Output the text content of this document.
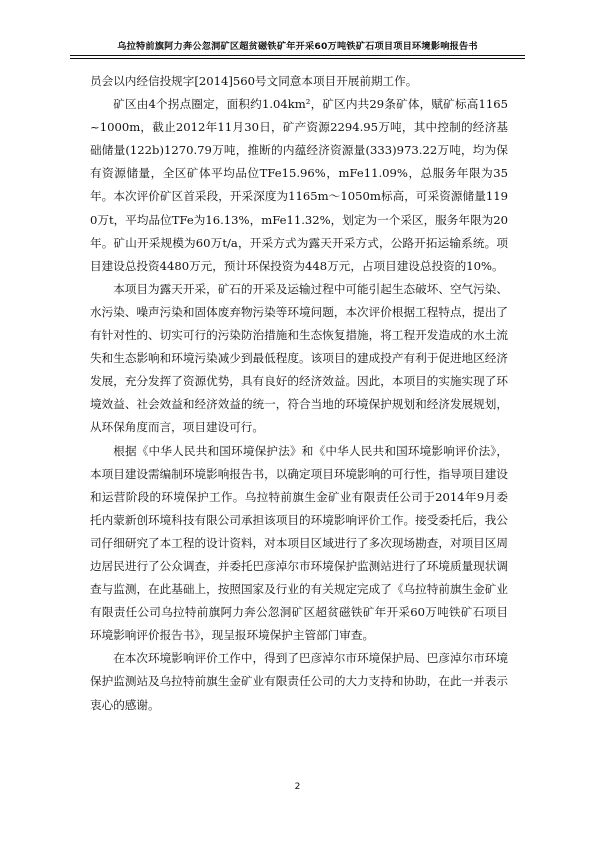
乌拉特前旗阿力奔公忽洞矿区超贫磁铁矿年开采60万吨铁矿石项目项目环境影响报告书

员会以内经信投规字[2014]560号文同意本项目开展前期工作。

矿区由4个拐点圈定，面积约1.04km²，矿区内共29条矿体，赋矿标高1165~1000m，截止2012年11月30日，矿产资源2294.95万吨，其中控制的经济基础储量(122b)1270.79万吨，推断的内蕴经济资源量(333)973.22万吨，均为保有资源储量，全区矿体平均品位TFe15.96%，mFe11.09%，总服务年限为35年。本次评价矿区首采段，开采深度为1165m～1050m标高，可采资源储量1190万t，平均品位TFe为16.13%，mFe11.32%，划定为一个采区，服务年限为20年。矿山开采规模为60万t/a，开采方式为露天开采方式，公路开拓运输系统。项目建设总投资4480万元，预计环保投资为448万元，占项目建设总投资的10%。

本项目为露天开采，矿石的开采及运输过程中可能引起生态破坏、空气污染、水污染、噪声污染和固体废弃物污染等环境问题，本次评价根据工程特点，提出了有针对性的、切实可行的污染防治措施和生态恢复措施，将工程开发造成的水土流失和生态影响和环境污染减少到最低程度。该项目的建成投产有利于促进地区经济发展，充分发挥了资源优势，具有良好的经济效益。因此，本项目的实施实现了环境效益、社会效益和经济效益的统一，符合当地的环境保护规划和经济发展规划，从环保角度而言，项目建设可行。

根据《中华人民共和国环境保护法》和《中华人民共和国环境影响评价法》，本项目建设需编制环境影响报告书，以确定项目环境影响的可行性，指导项目建设和运营阶段的环境保护工作。乌拉特前旗生金矿业有限责任公司于2014年9月委托内蒙新创环境科技有限公司承担该项目的环境影响评价工作。接受委托后，我公司仔细研究了本工程的设计资料，对本项目区域进行了多次现场勘查，对项目区周边居民进行了公众调查，并委托巴彦淖尔市环境保护监测站进行了环境质量现状调查与监测，在此基础上，按照国家及行业的有关规定完成了《乌拉特前旗生金矿业有限责任公司乌拉特前旗阿力奔公忽洞矿区超贫磁铁矿年开采60万吨铁矿石项目环境影响评价报告书》，现呈报环境保护主管部门审查。

在本次环境影响评价工作中，得到了巴彦淖尔市环境保护局、巴彦淖尔市环境保护监测站及乌拉特前旗生金矿业有限责任公司的大力支持和协助，在此一并表示衷心的感谢。

2
